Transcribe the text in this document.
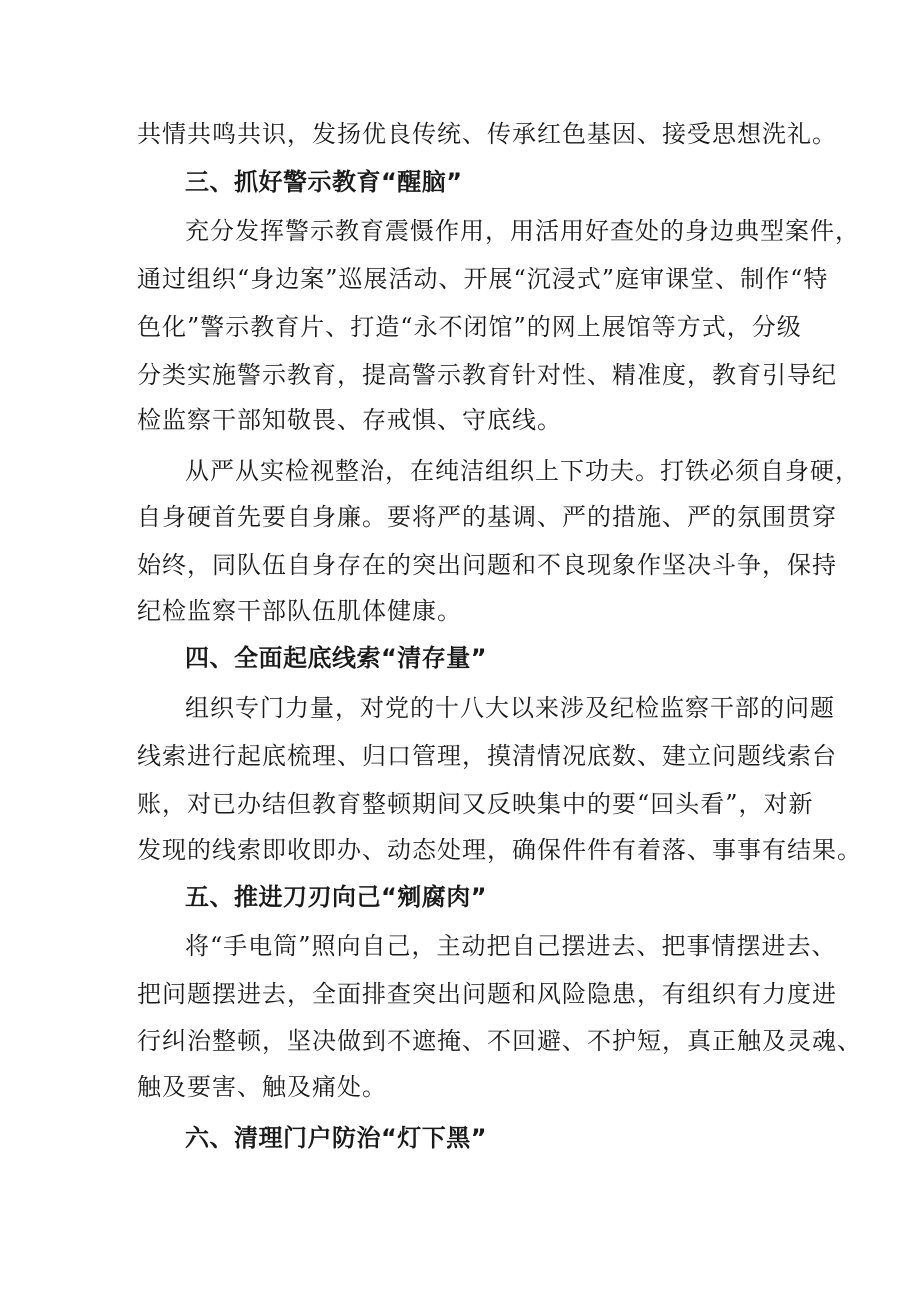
共情共鸣共识，发扬优良传统、传承红色基因、接受思想洗礼。
三、抓好警示教育“醒脑”
充分发挥警示教育震慑作用，用活用好查处的身边典型案件，
通过组织“身边案”巡展活动、开展“沉浸式”庭审课堂、制作“特
色化”警示教育片、打造“永不闭馆”的网上展馆等方式，分级
分类实施警示教育，提高警示教育针对性、精准度，教育引导纪
检监察干部知敬畏、存戒惧、守底线。
从严从实检视整治，在纯洁组织上下功夫。打铁必须自身硬，
自身硬首先要自身廉。要将严的基调、严的措施、严的氛围贯穿
始终，同队伍自身存在的突出问题和不良现象作坚决斗争，保持
纪检监察干部队伍肌体健康。
四、全面起底线索“清存量”
组织专门力量，对党的十八大以来涉及纪检监察干部的问题
线索进行起底梳理、归口管理，摸清情况底数、建立问题线索台
账，对已办结但教育整顿期间又反映集中的要“回头看”，对新
发现的线索即收即办、动态处理，确保件件有着落、事事有结果。
五、推进刀刃向己“剜腐肉”
将“手电筒”照向自己，主动把自己摆进去、把事情摆进去、
把问题摆进去，全面排查突出问题和风险隐患，有组织有力度进
行纠治整顿，坚决做到不遮掩、不回避、不护短，真正触及灵魂、
触及要害、触及痛处。
六、清理门户防治“灯下黑”
